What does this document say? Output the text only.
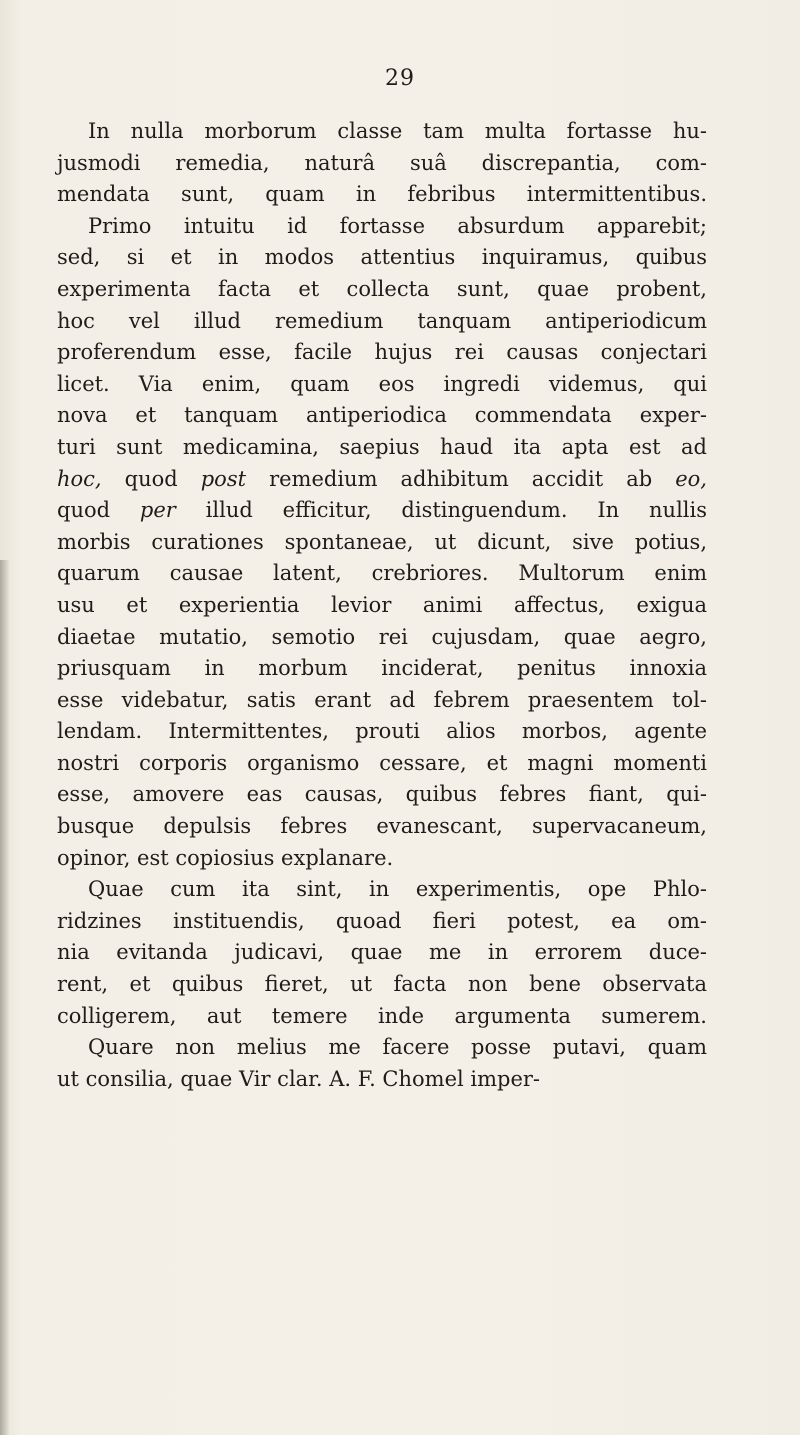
29
In nulla morborum classe tam multa fortasse hu-
jusmodi remedia, naturâ suâ discrepantia, com-
mendata sunt, quam in febribus intermittentibus.
Primo intuitu id fortasse absurdum apparebit;
sed, si et in modos attentius inquiramus, quibus
experimenta facta et collecta sunt, quae probent,
hoc vel illud remedium tanquam antiperiodicum
proferendum esse, facile hujus rei causas conjectari
licet. Via enim, quam eos ingredi videmus, qui
nova et tanquam antiperiodica commendata exper-
turi sunt medicamina, saepius haud ita apta est ad
hoc, quod post remedium adhibitum accidit ab eo,
quod per illud efficitur, distinguendum. In nullis
morbis curationes spontaneae, ut dicunt, sive potius,
quarum causae latent, crebriores. Multorum enim
usu et experientia levior animi affectus, exigua
diaetae mutatio, semotio rei cujusdam, quae aegro,
priusquam in morbum inciderat, penitus innoxia
esse videbatur, satis erant ad febrem praesentem tol-
lendam. Intermittentes, prouti alios morbos, agente
nostri corporis organismo cessare, et magni momenti
esse, amovere eas causas, quibus febres fiant, qui-
busque depulsis febres evanescant, supervacaneum,
opinor, est copiosius explanare.
Quae cum ita sint, in experimentis, ope Phlo-
ridzines instituendis, quoad fieri potest, ea om-
nia evitanda judicavi, quae me in errorem duce-
rent, et quibus fieret, ut facta non bene observata
colligerem, aut temere inde argumenta sumerem.
Quare non melius me facere posse putavi, quam
ut consilia, quae Vir clar. A. F. Chomel imper-
